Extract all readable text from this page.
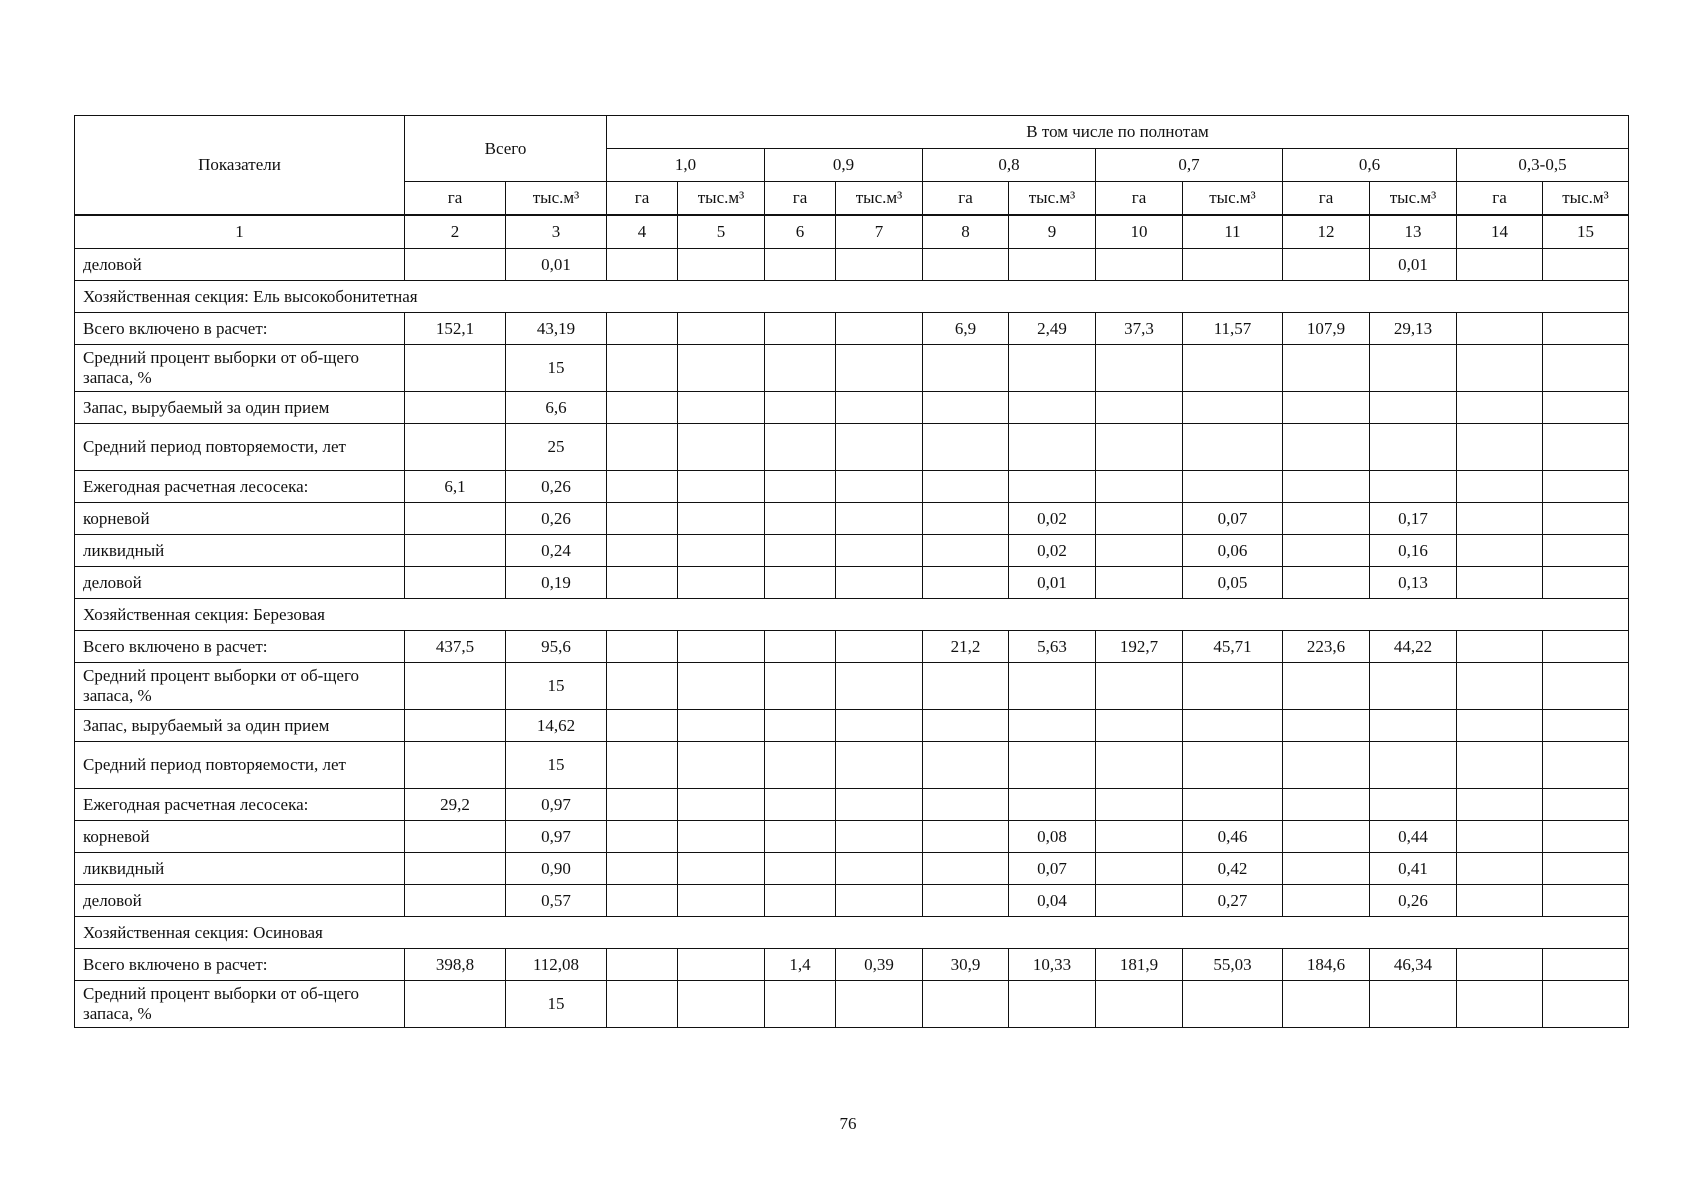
Показатели	Всего		В том числе по полнотам											
			1,0		0,9		0,8		0,7		0,6		0,3-0,5	
	га	тыс.м³	га	тыс.м³	га	тыс.м³	га	тыс.м³	га	тыс.м³	га	тыс.м³	га	тыс.м³
1	2	3	4	5	6	7	8	9	10	11	12	13	14	15
деловой		0,01										0,01		
Хозяйственная секция: Ель высокобонитетная														
Всего включено в расчет:	152,1	43,19					6,9	2,49	37,3	11,57	107,9	29,13		
Средний процент выборки от об-щего запаса, %		15												
Запас, вырубаемый за один прием		6,6												
Средний период повторяемости, лет		25												
Ежегодная расчетная лесосека:	6,1	0,26												
корневой		0,26						0,02		0,07		0,17		
ликвидный		0,24						0,02		0,06		0,16		
деловой		0,19						0,01		0,05		0,13		
Хозяйственная секция: Березовая														
Всего включено в расчет:	437,5	95,6					21,2	5,63	192,7	45,71	223,6	44,22		
Средний процент выборки от об-щего запаса, %		15												
Запас, вырубаемый за один прием		14,62												
Средний период повторяемости, лет		15												
Ежегодная расчетная лесосека:	29,2	0,97												
корневой		0,97						0,08		0,46		0,44		
ликвидный		0,90						0,07		0,42		0,41		
деловой		0,57						0,04		0,27		0,26		
Хозяйственная секция: Осиновая														
Всего включено в расчет:	398,8	112,08			1,4	0,39	30,9	10,33	181,9	55,03	184,6	46,34		
Средний процент выборки от об-щего запаса, %		15												
76
